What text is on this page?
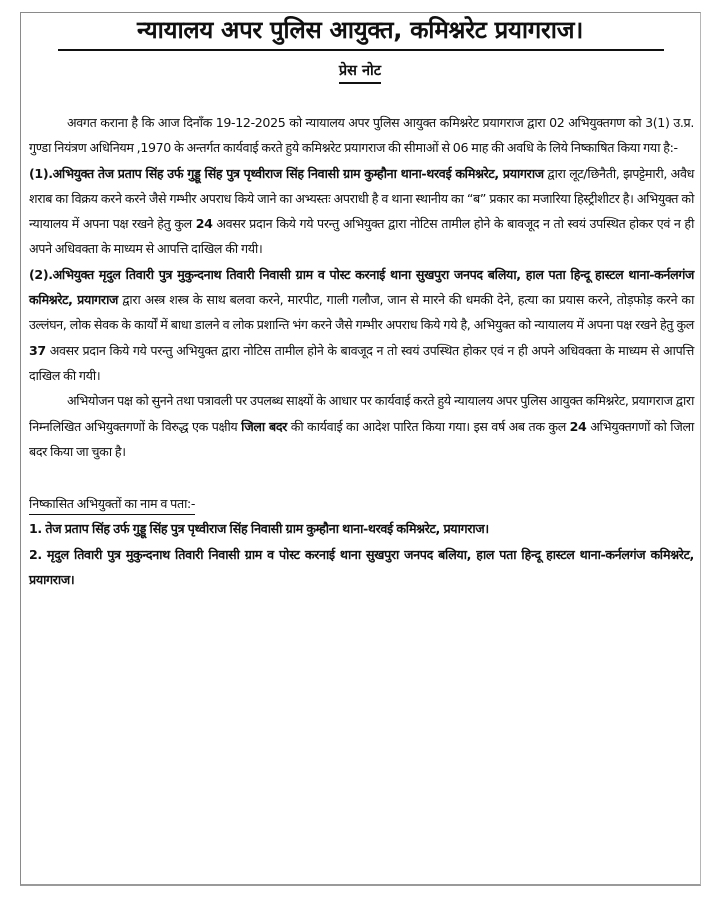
न्यायालय अपर पुलिस आयुक्त, कमिश्नरेट प्रयागराज।
प्रेस नोट

अवगत कराना है कि आज दिनाँक 19-12-2025 को न्यायालय अपर पुलिस आयुक्त कमिश्नरेट प्रयागराज द्वारा 02 अभियुक्तगण को 3(1) उ.प्र. गुण्डा नियंत्रण अधिनियम ,1970 के अन्तर्गत कार्यवाई करते हुये कमिश्नरेट प्रयागराज की सीमाओं से 06 माह की अवधि के लिये निष्काषित किया गया है:-

(1).अभियुक्त तेज प्रताप सिंह उर्फ गुड्डू सिंह पुत्र पृथ्वीराज सिंह निवासी ग्राम कुम्हौना थाना-थरवई कमिश्नरेट, प्रयागराज द्वारा लूट/छिनैती, झपट्टेमारी, अवैध शराब का विक्रय करने करने जैसे गम्भीर अपराध किये जाने का अभ्यस्तः अपराधी है व थाना स्थानीय का “ब” प्रकार का मजारिया हिस्ट्रीशीटर है। अभियुक्त को न्यायालय में अपना पक्ष रखने हेतु कुल 24 अवसर प्रदान किये गये परन्तु अभियुक्त द्वारा नोटिस तामील होने के बावजूद न तो स्वयं उपस्थित होकर एवं न ही अपने अधिवक्ता के माध्यम से आपत्ति दाखिल की गयी।

(2).अभियुक्त मृदुल तिवारी पुत्र मुकुन्दनाथ तिवारी निवासी ग्राम व पोस्ट करनाई थाना सुखपुरा जनपद बलिया, हाल पता हिन्दू हास्टल थाना-कर्नलगंज कमिश्नरेट, प्रयागराज द्वारा अस्त्र शस्त्र के साथ बलवा करने, मारपीट, गाली गलौज, जान से मारने की धमकी देने, हत्या का प्रयास करने, तोड़फोड़ करने का उल्लंघन, लोक सेवक के कार्यों में बाधा डालने व लोक प्रशान्ति भंग करने जैसे गम्भीर अपराध किये गये है, अभियुक्त को न्यायालय में अपना पक्ष रखने हेतु कुल 37 अवसर प्रदान किये गये परन्तु अभियुक्त द्वारा नोटिस तामील होने के बावजूद न तो स्वयं उपस्थित होकर एवं न ही अपने अधिवक्ता के माध्यम से आपत्ति दाखिल की गयी।

अभियोजन पक्ष को सुनने तथा पत्रावली पर उपलब्ध साक्ष्यों के आधार पर कार्यवाई करते हुये न्यायालय अपर पुलिस आयुक्त कमिश्नरेट, प्रयागराज द्वारा निम्नलिखित अभियुक्तगणों के विरुद्ध एक पक्षीय जिला बदर की कार्यवाई का आदेश पारित किया गया। इस वर्ष अब तक कुल 24 अभियुक्तगणों को जिला बदर किया जा चुका है।

निष्कासित अभियुक्तों का नाम व पता:-

1. तेज प्रताप सिंह उर्फ गुड्डू सिंह पुत्र पृथ्वीराज सिंह निवासी ग्राम कुम्हौना थाना-थरवई कमिश्नरेट, प्रयागराज।

2. मृदुल तिवारी पुत्र मुकुन्दनाथ तिवारी निवासी ग्राम व पोस्ट करनाई थाना सुखपुरा जनपद बलिया, हाल पता हिन्दू हास्टल थाना-कर्नलगंज कमिश्नरेट, प्रयागराज।
